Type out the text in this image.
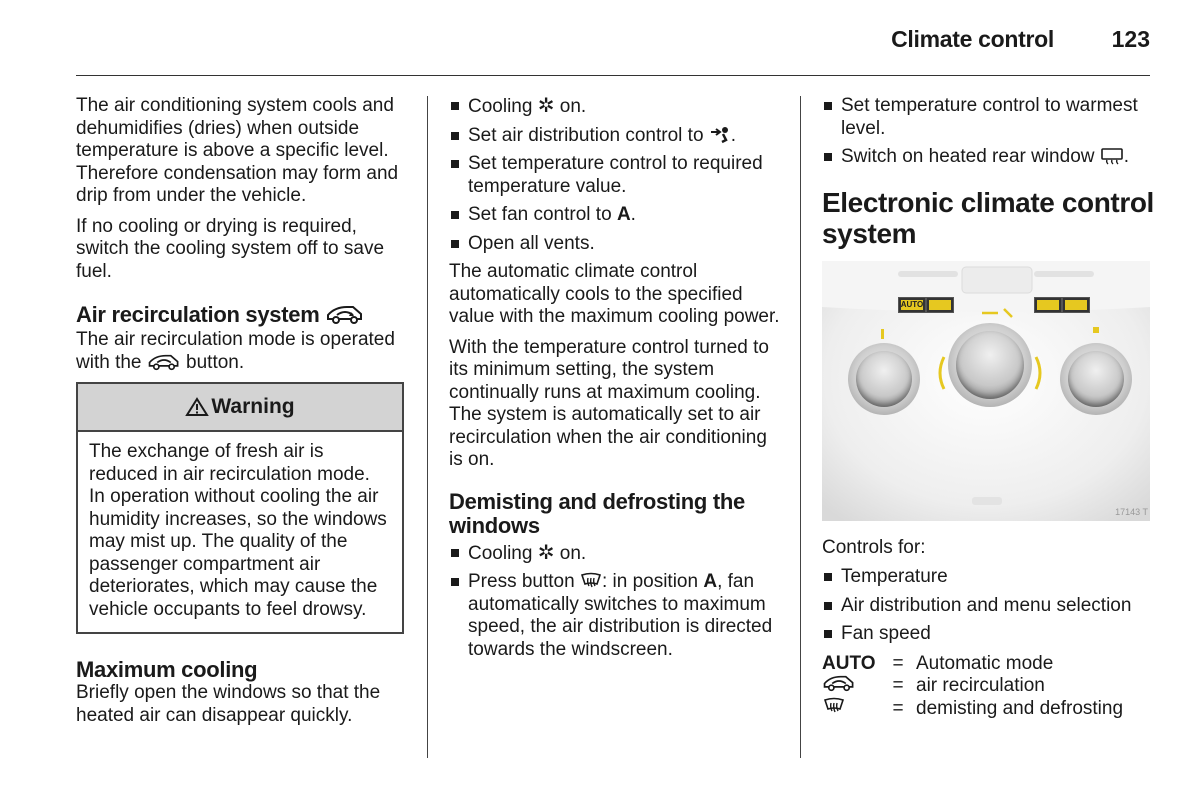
Climate control	123

The air conditioning system cools and dehumidifies (dries) when outside temperature is above a specific level. Therefore condensation may form and drip from under the vehicle.

If no cooling or drying is required, switch the cooling system off to save fuel.

Air recirculation system

The air recirculation mode is operated with the button.

Warning
The exchange of fresh air is reduced in air recirculation mode. In operation without cooling the air humidity increases, so the windows may mist up. The quality of the passenger compartment air deteriorates, which may cause the vehicle occupants to feel drowsy.
Maximum cooling

Briefly open the windows so that the heated air can disappear quickly.

Cooling ✲ on.
Set air distribution control to .
Set temperature control to required temperature value.
Set fan control to A.
Open all vents.

The automatic climate control automatically cools to the specified value with the maximum cooling power.

With the temperature control turned to its minimum setting, the system continually runs at maximum cooling. The system is automatically set to air recirculation when the air conditioning is on.

Demisting and defrosting the windows
Cooling ✲ on.
Press button : in position A, fan automatically switches to maximum speed, the air distribution is directed towards the windscreen.
Set temperature control to warmest level.
Switch on heated rear window .
Electronic climate control system
AUTO
17143 T

Controls for:

Temperature
Air distribution and menu selection
Fan speed
AUTO = Automatic mode
= air recirculation
= demisting and defrosting
